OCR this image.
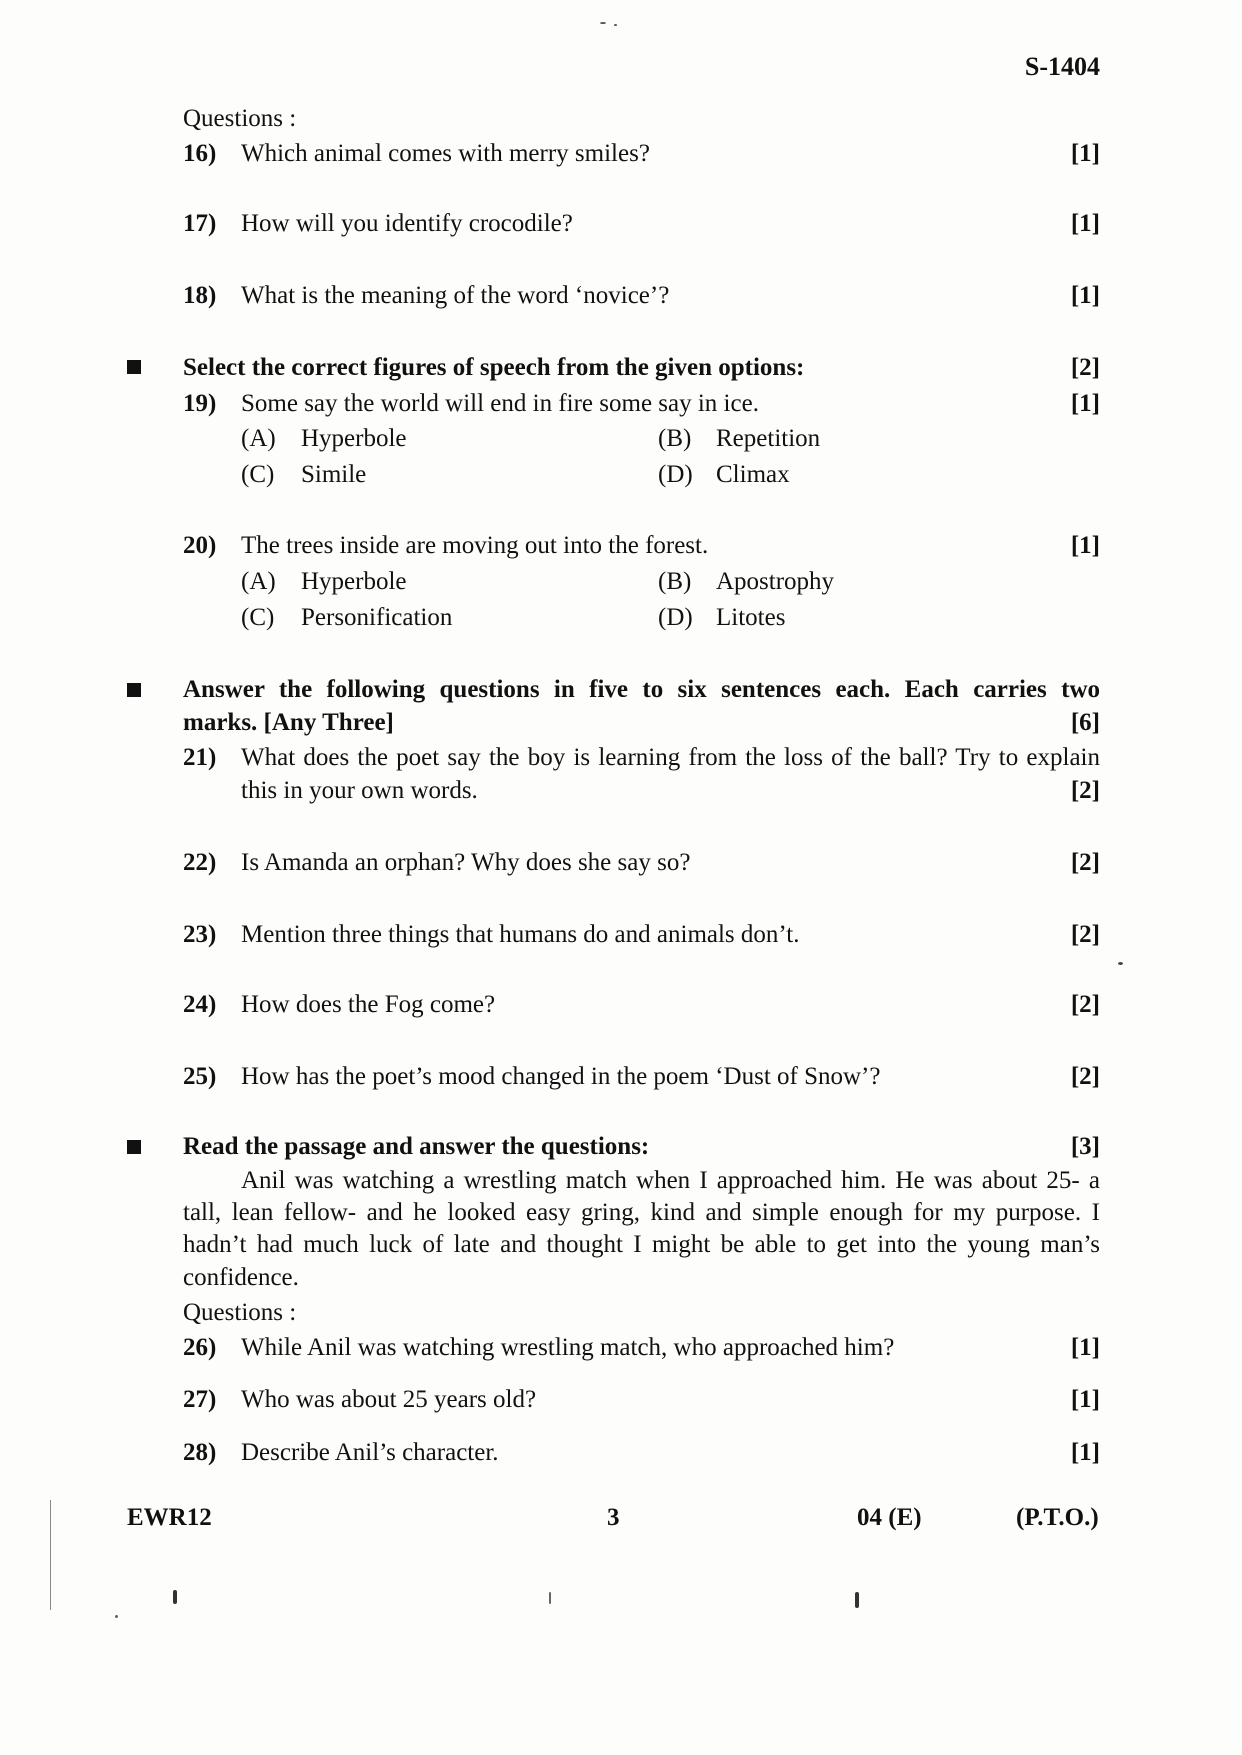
S-1404
Questions :
16) Which animal comes with merry smiles?	[1]
17) How will you identify crocodile?	[1]
18) What is the meaning of the word ‘novice’?	[1]
Select the correct figures of speech from the given options:	[2]
19) Some say the world will end in fire some say in ice.	[1]
(A) Hyperbole	(B) Repetition
(C) Simile	(D) Climax
20) The trees inside are moving out into the forest.	[1]
(A) Hyperbole	(B) Apostrophy
(C) Personification	(D) Litotes
Answer the following questions in five to six sentences each. Each carries two
marks. [Any Three]	[6]
21) What does the poet say the boy is learning from the loss of the ball? Try to explain
this in your own words.	[2]
22) Is Amanda an orphan? Why does she say so?	[2]
23) Mention three things that humans do and animals don’t.	[2]
24) How does the Fog come?	[2]
25) How has the poet’s mood changed in the poem ‘Dust of Snow’?	[2]
Read the passage and answer the questions:	[3]
Anil was watching a wrestling match when I approached him. He was about 25- a
tall, lean fellow- and he looked easy gring, kind and simple enough for my purpose. I
hadn’t had much luck of late and thought I might be able to get into the young man’s
confidence.
Questions :
26) While Anil was watching wrestling match, who approached him?	[1]
27) Who was about 25 years old?	[1]
28) Describe Anil’s character.	[1]
EWR12	3	04 (E)	(P.T.O.)
